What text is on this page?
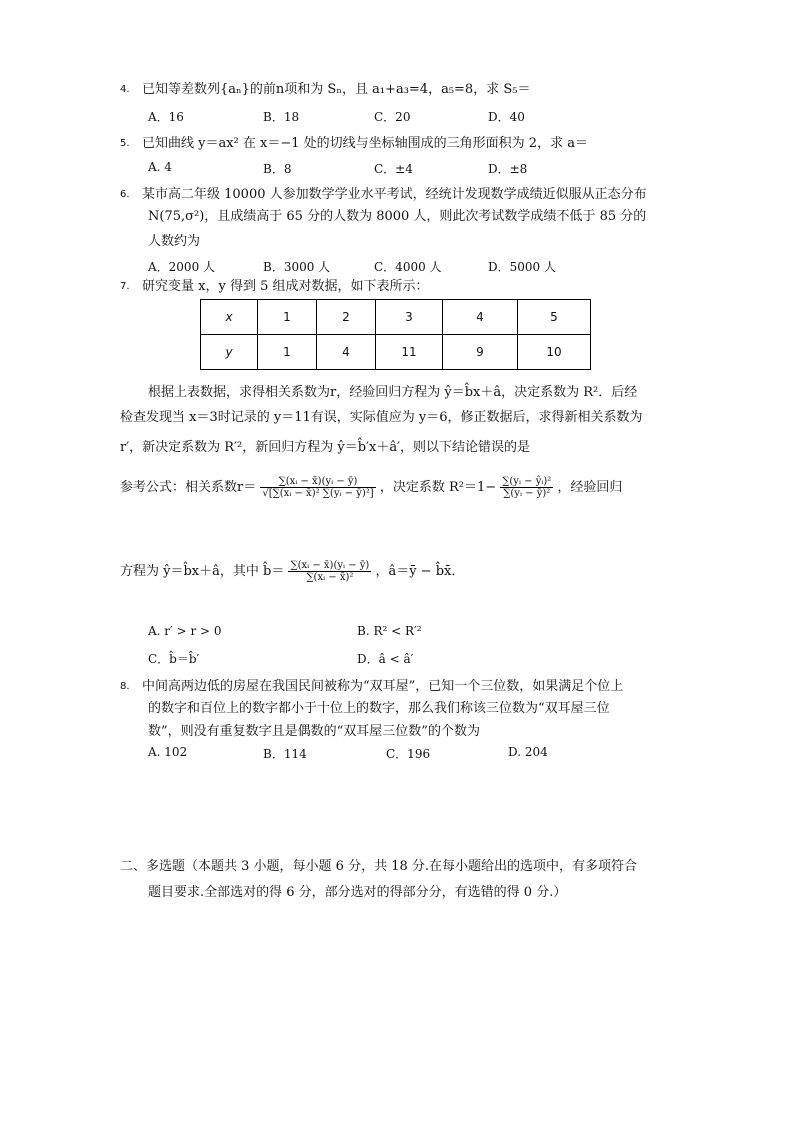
4. 已知等差数列{aₙ}的前n项和为 Sₙ，且 a₁+a₃=4，a₅=8，求 S₅＝
A．16	B．18	C．20	D．40
5. 已知曲线 y＝ax² 在 x＝−1 处的切线与坐标轴围成的三角形面积为 2，求 a＝
A. 4	B．8	C．±4	D．±8
6. 某市高二年级 10000 人参加数学学业水平考试，经统计发现数学成绩近似服从正态分布
N(75,σ²)，且成绩高于 65 分的人数为 8000 人，则此次考试数学成绩不低于 85 分的
人数约为
A．2000 人	B．3000 人	C．4000 人	D．5000 人
7. 研究变量 x，y 得到 5 组成对数据，如下表所示：
x	1	2	3	4	5
y	1	4	11	9	10
根据上表数据，求得相关系数为r，经验回归方程为 ŷ＝b̂x＋â，决定系数为 R²．后经
检查发现当 x＝3时记录的 y＝11有误，实际值应为 y＝6，修正数据后，求得新相关系数为
r′，新决定系数为 R′²，新回归方程为 ŷ＝b̂′x＋â′，则以下结论错误的是
参考公式：相关系数$r= \frac{\text{∑(xᵢ − x̄)(yᵢ − ȳ)}}{\text{√[∑(xᵢ − x̄)² ∑(yᵢ − ȳ)²]}}$ ，决定系数 $R^2=1- \frac{\text{∑(yᵢ − ŷᵢ)²}}{\text{∑(yᵢ − ȳ)²}}$ ，经验回归
方程为 ŷ＝b̂x＋â，其中 b̂＝ $\frac{\text{∑(xᵢ − x̄)(yᵢ − ȳ)}}{\text{∑(xᵢ − x̄)²}}$ ，â＝ȳ − b̂x̄．
A. r′ > r > 0	B. R² < R′²
C．b̂＝b̂′	D．â < â′
8. 中间高两边低的房屋在我国民间被称为“双耳屋”，已知一个三位数，如果满足个位上
的数字和百位上的数字都小于十位上的数字，那么我们称该三位数为“双耳屋三位
数”，则没有重复数字且是偶数的“双耳屋三位数”的个数为
A. 102	B．114	C．196	D. 204
二、多选题（本题共 3 小题，每小题 6 分，共 18 分.在每小题给出的选项中，有多项符合
题目要求.全部选对的得 6 分，部分选对的得部分分，有选错的得 0 分.）
